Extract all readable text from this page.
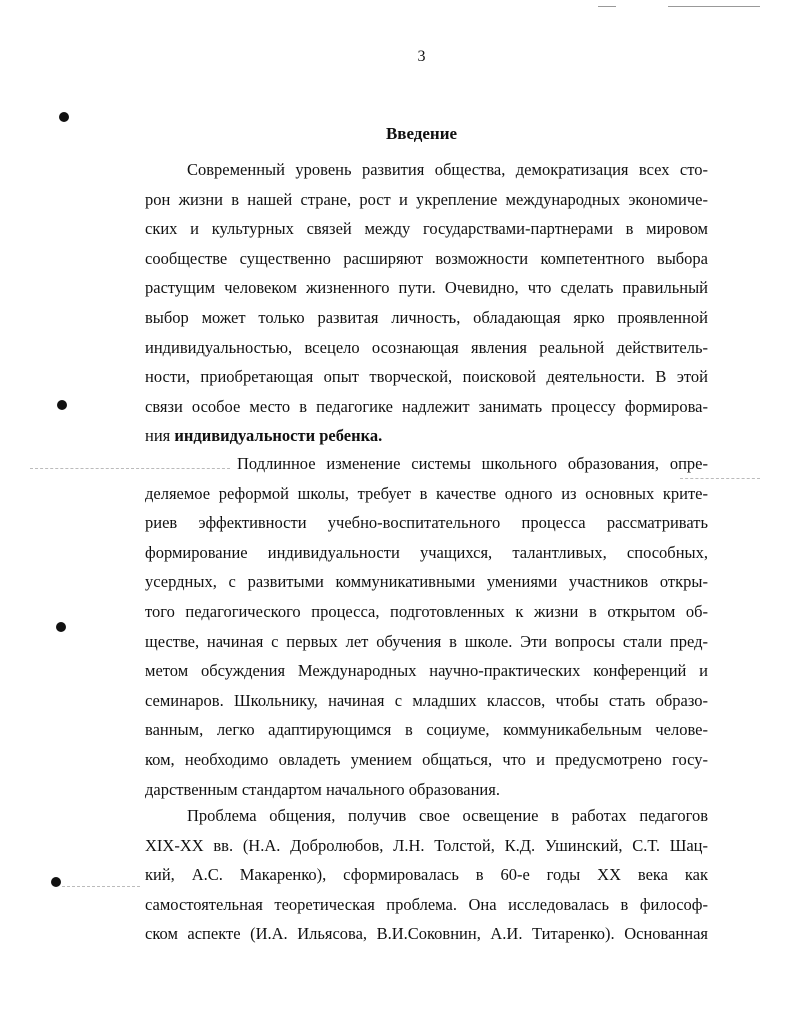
3
Введение
Современный уровень развития общества, демократизация всех сто-
рон жизни в нашей стране, рост и укрепление международных экономиче-
ских и культурных связей между государствами-партнерами в мировом
сообществе существенно расширяют возможности компетентного выбора
растущим человеком жизненного пути. Очевидно, что сделать правильный
выбор может только развитая личность, обладающая ярко проявленной
индивидуальностью, всецело осознающая явления реальной действитель-
ности, приобретающая опыт творческой, поисковой деятельности. В этой
связи особое место в педагогике надлежит занимать процессу формирова-
ния индивидуальности ребенка.
Подлинное изменение системы школьного образования, опре-
деляемое реформой школы, требует в качестве одного из основных крите-
риев эффективности учебно-воспитательного процесса рассматривать
формирование индивидуальности учащихся, талантливых, способных,
усердных, с развитыми коммуникативными умениями участников откры-
того педагогического процесса, подготовленных к жизни в открытом об-
ществе, начиная с первых лет обучения в школе. Эти вопросы стали пред-
метом обсуждения Международных научно-практических конференций и
семинаров. Школьнику, начиная с младших классов, чтобы стать образо-
ванным, легко адаптирующимся в социуме, коммуникабельным челове-
ком, необходимо овладеть умением общаться, что и предусмотрено госу-
дарственным стандартом начального образования.
Проблема общения, получив свое освещение в работах педагогов
XIX-XX вв. (Н.А. Добролюбов, Л.Н. Толстой, К.Д. Ушинский, С.Т. Шац-
кий, А.С. Макаренко), сформировалась в 60-е годы XX века как
самостоятельная теоретическая проблема. Она исследовалась в философ-
ском аспекте (И.А. Ильясова, В.И.Соковнин, А.И. Титаренко). Основанная
